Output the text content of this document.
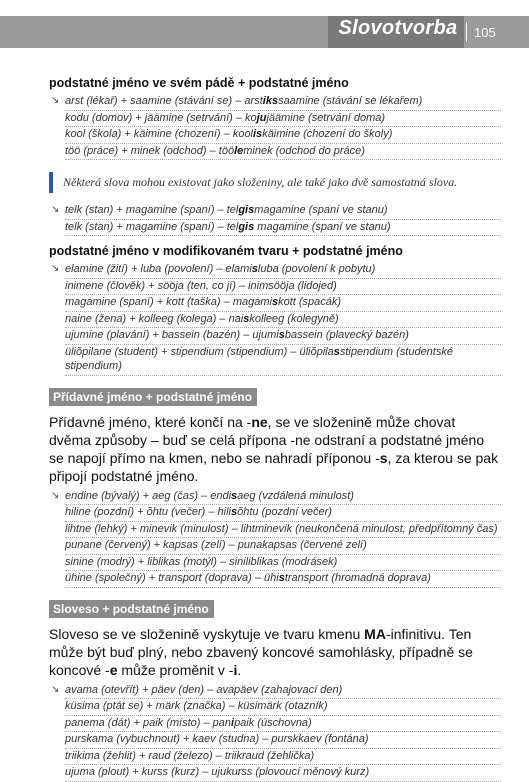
Slovotvorba 105
podstatné jméno ve svém pádě + podstatné jméno
↘ arst (lékař) + saamine (stávání se) – arstikssaamine (stávání se lékařem)
kodu (domov) + jäämine (setrvání) – kojujäämine (setrvání doma)
kool (škola) + käimine (chození) – kooliskäimine (chození do školy)
töö (práce) + minek (odchod) – tööleminek (odchod do práce)
Některá slova mohou existovat jako složeniny, ale také jako dvě samostatná slova.
↘ telk (stan) + magamine (spaní) – telgismagamine (spaní ve stanu)
telk (stan) + magamine (spaní) – telgis magamine (spaní ve stanu)
podstatné jméno v modifikovaném tvaru + podstatné jméno
↘ elamine (žití) + luba (povolení) – elamisluba (povolení k pobytu)
inimene (člověk) + sööja (ten, co jí) – inimsööja (lidojed)
magamine (spaní) + kott (taška) – magamiskott (spacák)
naine (žena) + kolleeg (kolega) – naiskolleeg (kolegyně)
ujumine (plavání) + bassein (bazén) – ujumisbassein (plavecký bazén)
üliõpilane (student) + stipendium (stipendium) – üliõpilasstipendium (studentské stipendium)
Přídavné jméno + podstatné jméno
Přídavné jméno, které končí na -ne, se ve složenině může chovat dvěma způsoby – buď se celá přípona -ne odstraní a podstatné jméno se napojí přímo na kmen, nebo se nahradí příponou -s, za kterou se pak připojí podstatné jméno.
↘ endine (bývalý) + aeg (čas) – endisaeg (vzdálená minulost)
hiline (pozdní) + õhtu (večer) – hilisõhtu (pozdní večer)
lihtne (lehký) + minevik (minulost) – lihtminevik (neukončená minulost, předpřítomný čas)
punane (červený) + kapsas (zelí) – punakapsas (červené zelí)
sinine (modrý) + liblikas (motýl) – siniliblikas (modrásek)
ühine (společný) + transport (doprava) – ühistransport (hromadná doprava)
Sloveso + podstatné jméno
Sloveso se ve složenině vyskytuje ve tvaru kmenu MA-infinitivu. Ten může být buď plný, nebo zbavený koncové samohlásky, případně se koncové -e může proměnit v -i.
↘ avama (otevřít) + päev (den) – avapäev (zahajovací den)
küsima (ptát se) + märk (značka) – küsimärk (otazník)
panema (dát) + paik (místo) – panipaik (úschovna)
purskama (vybuchnout) + kaev (studna) – purskkaev (fontána)
triikima (žehlit) + raud (železo) – triikraud (žehlička)
ujuma (plout) + kurss (kurz) – ujukurss (plovoucí měnový kurz)
